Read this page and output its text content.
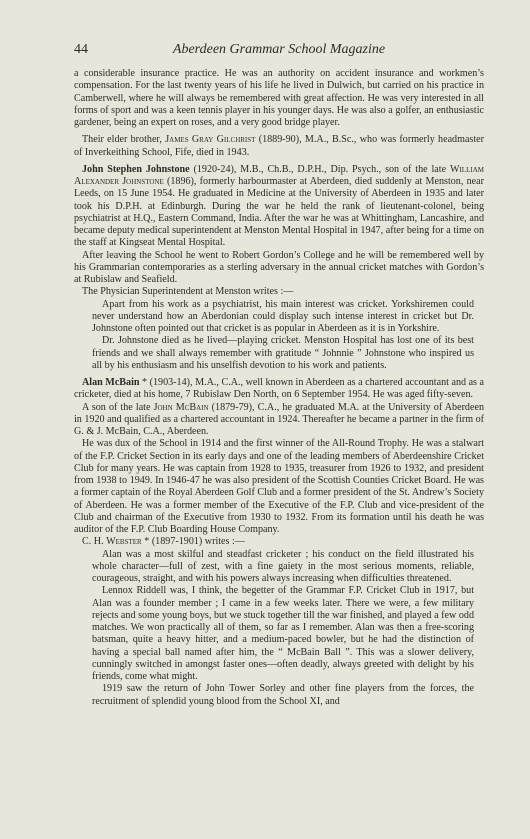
44	Aberdeen Grammar School Magazine

a considerable insurance practice. He was an authority on accident insurance and workmen’s compensation. For the last twenty years of his life he lived in Dulwich, but carried on his practice in Camberwell, where he will always be remembered with great affection. He was very interested in all forms of sport and was a keen tennis player in his younger days. He was also a golfer, an enthusiastic gardener, being an expert on roses, and a very good bridge player.

Their elder brother, James Gray Gilchrist (1889-90), M.A., B.Sc., who was formerly headmaster of Inverkeithing School, Fife, died in 1943.

John Stephen Johnstone (1920-24), M.B., Ch.B., D.P.H., Dip. Psych., son of the late William Alexander Johnstone (1896), formerly harbourmaster at Aberdeen, died suddenly at Menston, near Leeds, on 15 June 1954. He graduated in Medicine at the University of Aberdeen in 1935 and later took his D.P.H. at Edinburgh. During the war he held the rank of lieutenant-colonel, being psychiatrist at H.Q., Eastern Command, India. After the war he was at Whittingham, Lancashire, and became deputy medical superintendent at Menston Mental Hospital in 1947, after being for a time on the staff at Kingseat Mental Hospital.

After leaving the School he went to Robert Gordon’s College and he will be remembered well by his Grammarian contemporaries as a sterling adversary in the annual cricket matches with Gordon’s at Rubislaw and Seafield.

The Physician Superintendent at Menston writes :—

Apart from his work as a psychiatrist, his main interest was cricket. Yorkshiremen could never understand how an Aberdonian could display such intense interest in cricket but Dr. Johnstone often pointed out that cricket is as popular in Aberdeen as it is in Yorkshire.

Dr. Johnstone died as he lived—playing cricket. Menston Hospital has lost one of its best friends and we shall always remember with gratitude “ Johnnie ” Johnstone who inspired us all by his enthusiasm and his unselfish devotion to his work and patients.

Alan McBain * (1903-14), M.A., C.A., well known in Aberdeen as a chartered accountant and as a cricketer, died at his home, 7 Rubislaw Den North, on 6 September 1954. He was aged fifty-seven.

A son of the late John McBain (1879-79), C.A., he graduated M.A. at the University of Aberdeen in 1920 and qualified as a chartered accountant in 1924. Thereafter he became a partner in the firm of G. & J. McBain, C.A., Aberdeen.

He was dux of the School in 1914 and the first winner of the All-Round Trophy. He was a stalwart of the F.P. Cricket Section in its early days and one of the leading members of Aberdeenshire Cricket Club for many years. He was captain from 1928 to 1935, treasurer from 1926 to 1932, and president from 1938 to 1949. In 1946-47 he was also president of the Scottish Counties Cricket Board. He was a former captain of the Royal Aberdeen Golf Club and a former president of the St. Andrew’s Society of Aberdeen. He was a former member of the Executive of the F.P. Club and vice-president of the Club and chairman of the Executive from 1930 to 1932. From its formation until his death he was auditor of the F.P. Club Boarding House Company.

C. H. Webster * (1897-1901) writes :—

Alan was a most skilful and steadfast cricketer ; his conduct on the field illustrated his whole character—full of zest, with a fine gaiety in the most serious moments, reliable, courageous, straight, and with his powers always increasing when difficulties threatened.

Lennox Riddell was, I think, the begetter of the Grammar F.P. Cricket Club in 1917, but Alan was a founder member ; I came in a few weeks later. There we were, a few military rejects and some young boys, but we stuck together till the war finished, and played a few odd matches. We won practically all of them, so far as I remember. Alan was then a free-scoring batsman, quite a heavy hitter, and a medium-paced bowler, but he had the distinction of having a special ball named after him, the “ McBain Ball ”. This was a slower delivery, cunningly switched in amongst faster ones—often deadly, always greeted with delight by his friends, come what might.

1919 saw the return of John Tower Sorley and other fine players from the forces, the recruitment of splendid young blood from the School XI, and
